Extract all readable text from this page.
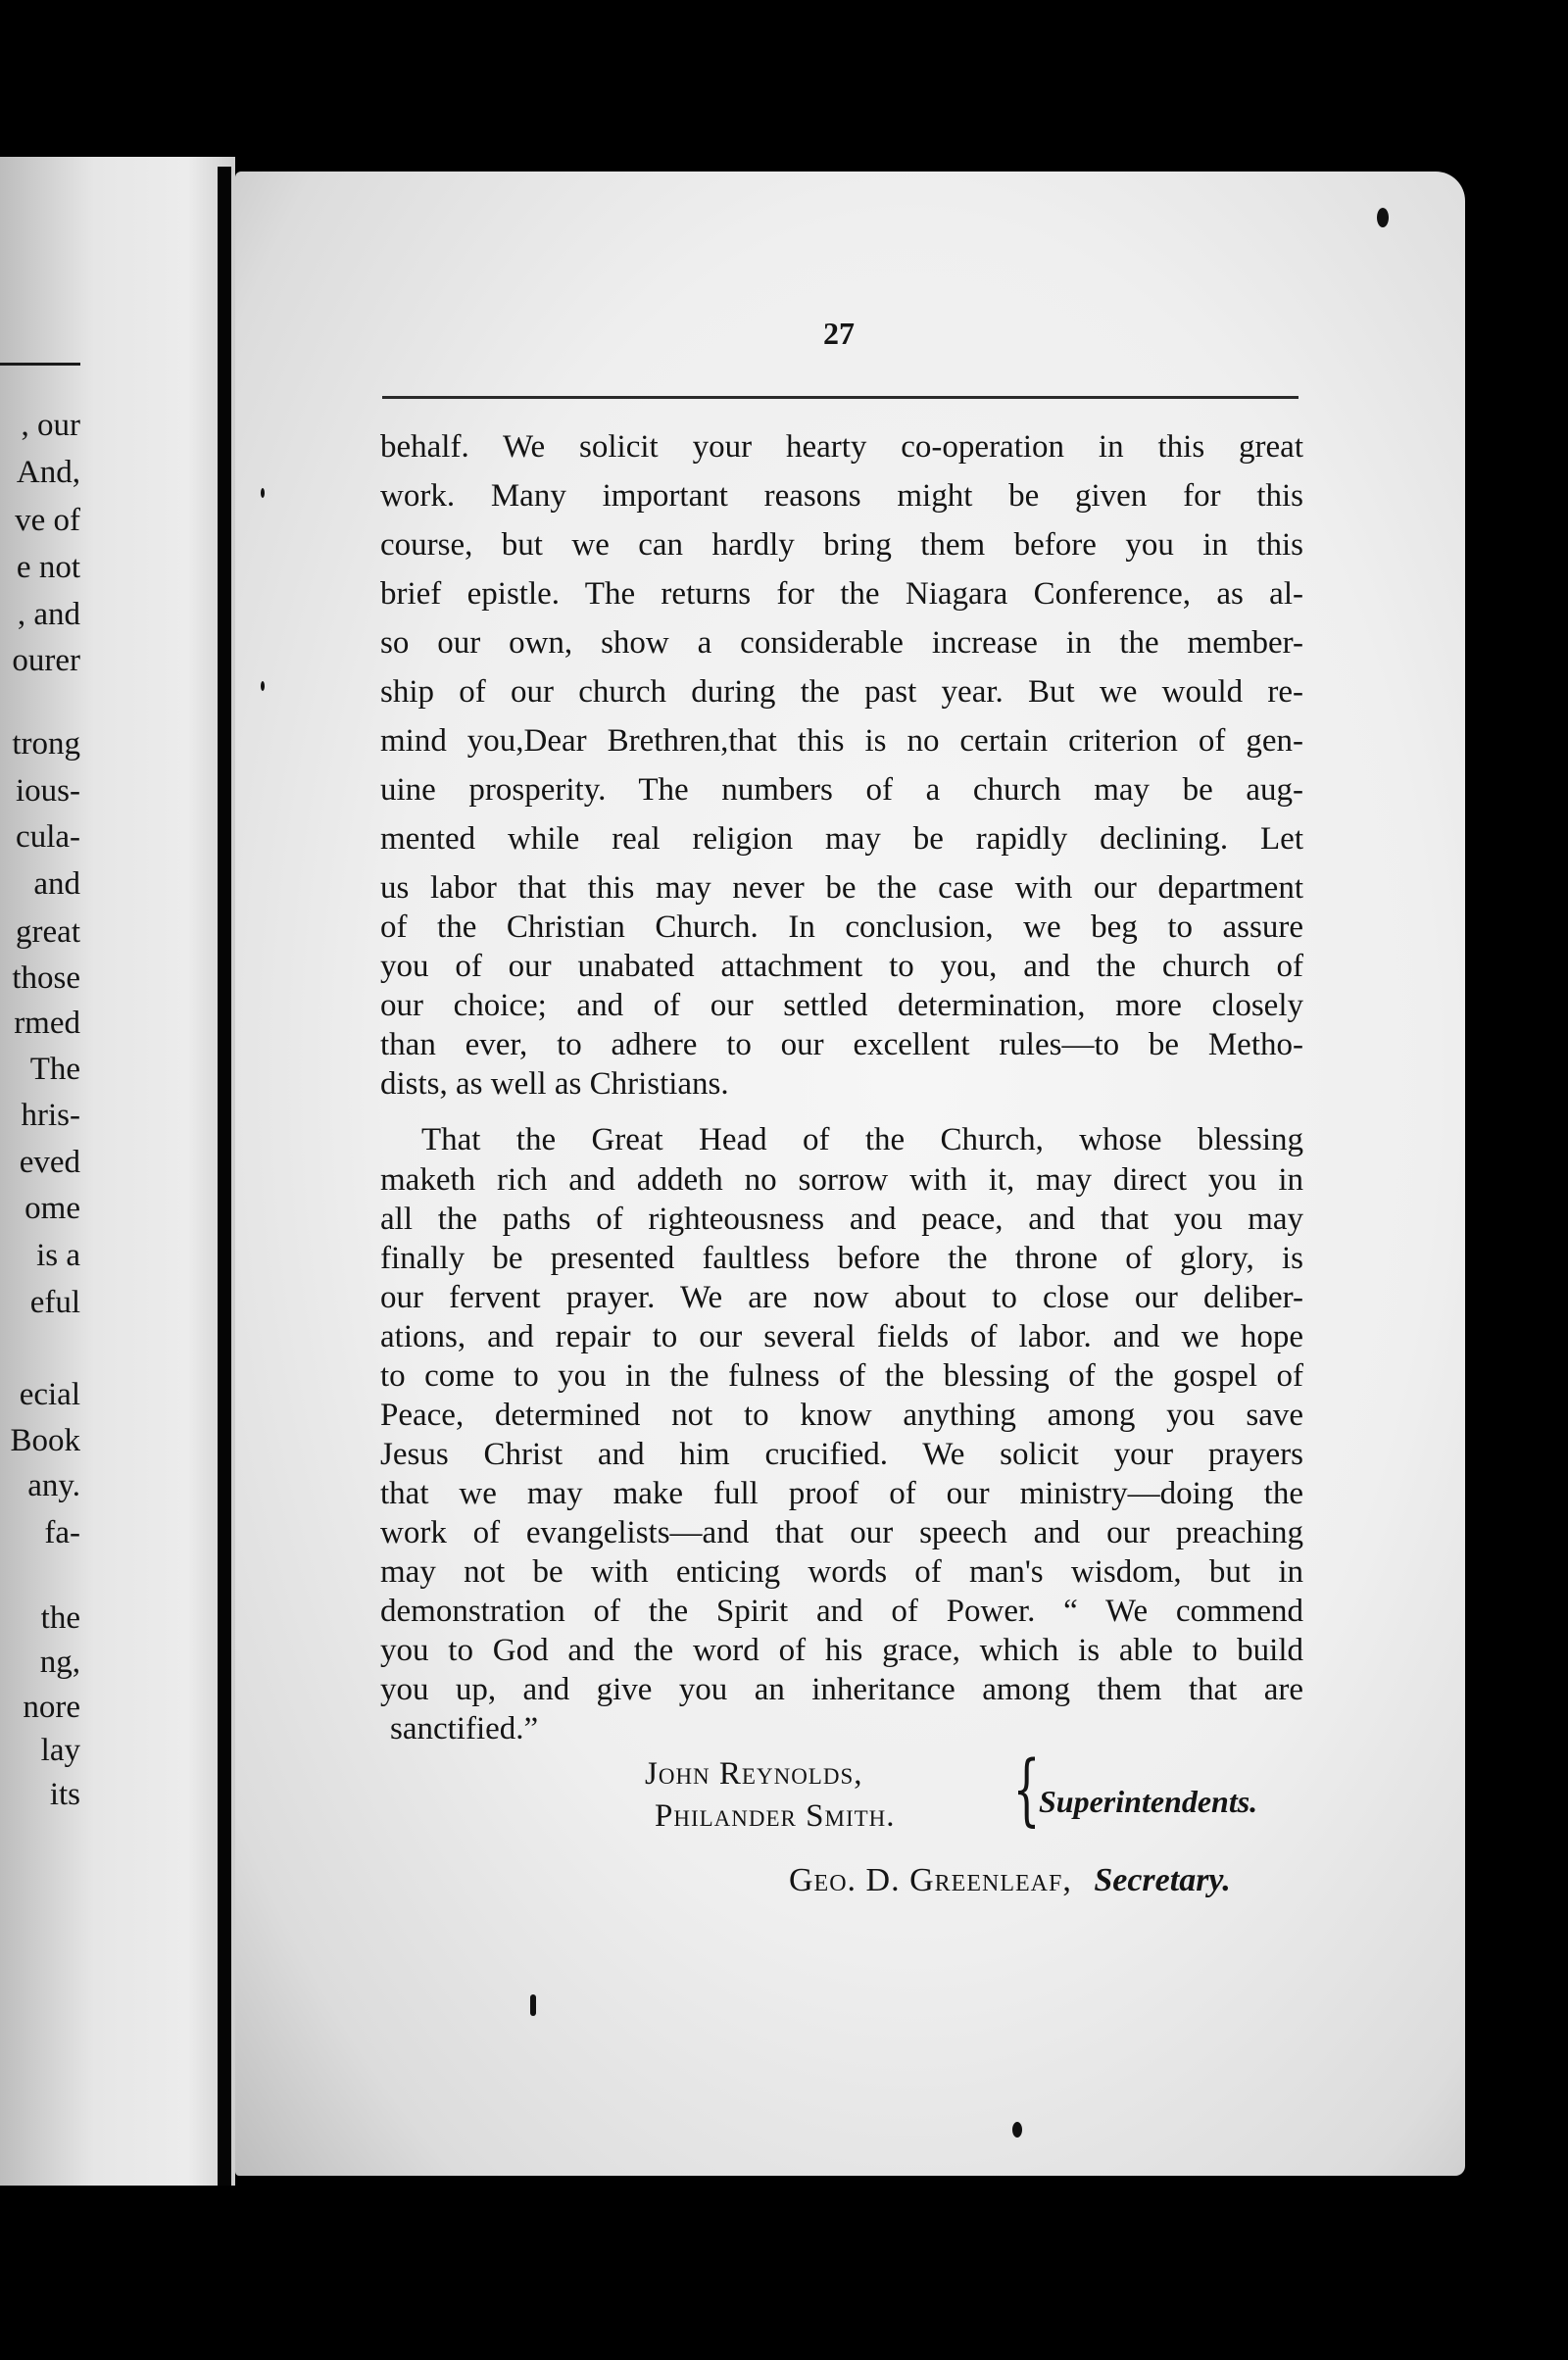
, our
And,
ve of
e not
, and
ourer
trong
ious-
cula-
and
great
those
rmed
The
hris-
eved
ome
is a
eful
ecial
Book
any.
fa-
the
ng,
nore
lay
its
27
behalf. We solicit your hearty co-operation in this great
work. Many important reasons might be given for this
course, but we can hardly bring them before you in this
brief epistle. The returns for the Niagara Conference, as al-
so our own, show a considerable increase in the member-
ship of our church during the past year. But we would re-
mind you,Dear Brethren,that this is no certain criterion of gen-
uine prosperity. The numbers of a church may be aug-
mented while real religion may be rapidly declining. Let
us labor that this may never be the case with our department
of the Christian Church. In conclusion, we beg to assure
you of our unabated attachment to you, and the church of
our choice; and of our settled determination, more closely
than ever, to adhere to our excellent rules—to be Metho-
dists, as well as Christians.
That the Great Head of the Church, whose blessing
maketh rich and addeth no sorrow with it, may direct you in
all the paths of righteousness and peace, and that you may
finally be presented faultless before the throne of glory, is
our fervent prayer. We are now about to close our deliber-
ations, and repair to our several fields of labor. and we hope
to come to you in the fulness of the blessing of the gospel of
Peace, determined not to know anything among you save
Jesus Christ and him crucified. We solicit your prayers
that we may make full proof of our ministry—doing the
work of evangelists—and that our speech and our preaching
may not be with enticing words of man's wisdom, but in
demonstration of the Spirit and of Power. “ We commend
you to God and the word of his grace, which is able to build
you up, and give you an inheritance among them that are
sanctified.”
John Reynolds,
Philander Smith. {
Superintendents.
Geo. D. Greenleaf, Secretary.
